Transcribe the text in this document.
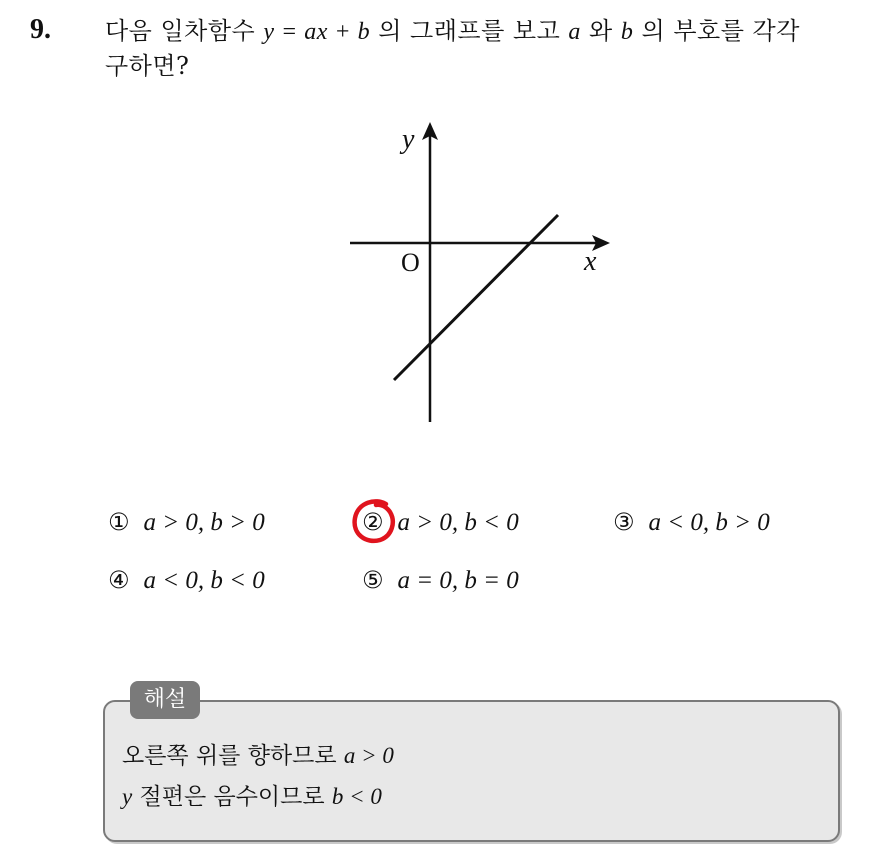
9. 다음 일차함수 y = ax + b 의 그래프를 보고 a 와 b 의 부호를 각각
구하면?
y
x
O
① a > 0, b > 0	② a > 0, b < 0	③ a < 0, b > 0
④ a < 0, b < 0	⑤ a = 0, b = 0
해설
오른쪽 위를 향하므로 a > 0
y 절편은 음수이므로 b < 0
